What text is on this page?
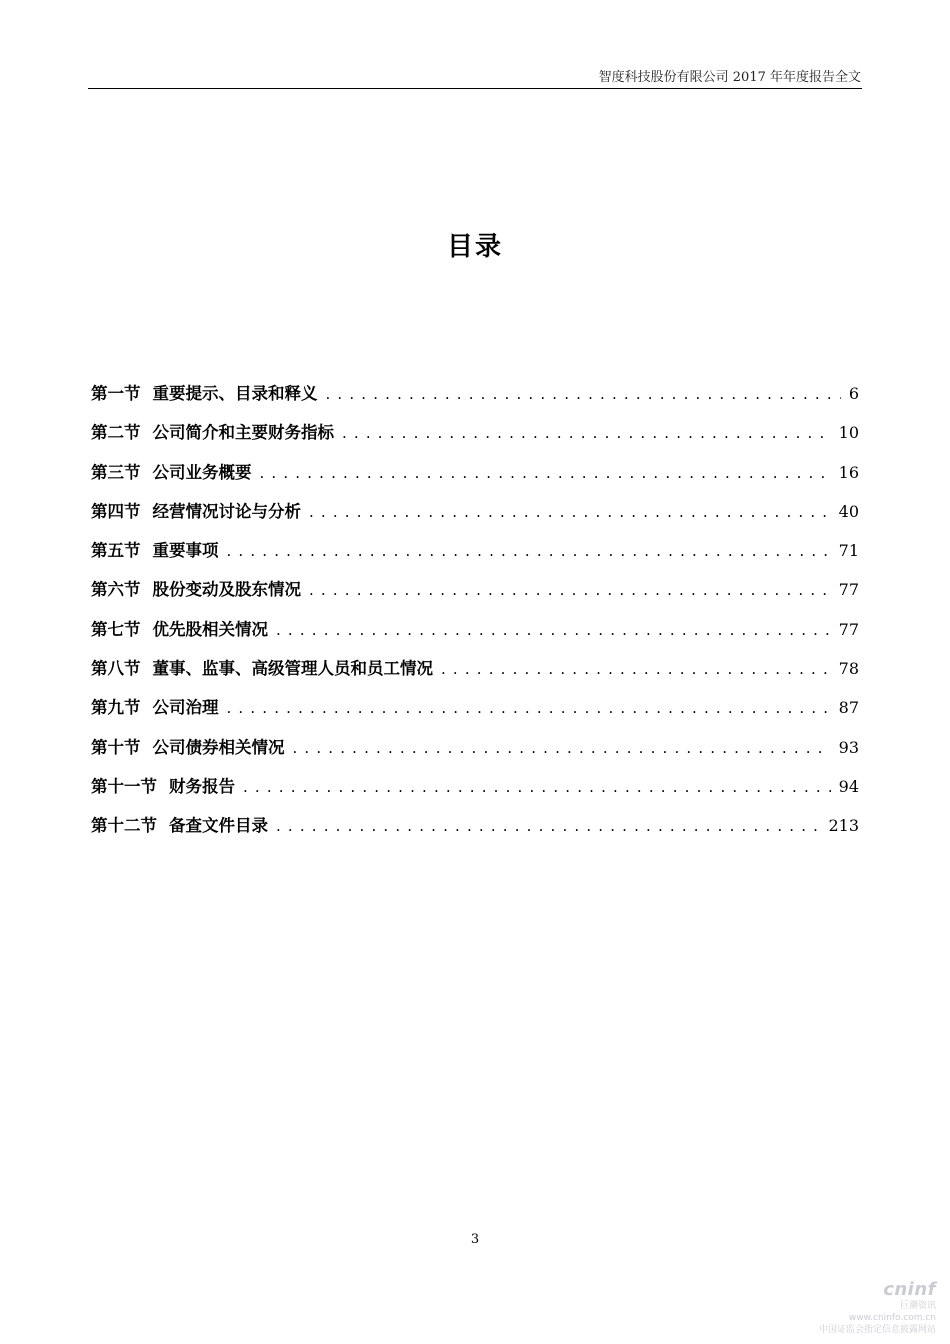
智度科技股份有限公司 2017 年年度报告全文
目录
第一节 重要提示、目录和释义 . . .	6
第二节 公司简介和主要财务指标 . . .	10
第三节 公司业务概要 . . .	16
第四节 经营情况讨论与分析 . . .	40
第五节 重要事项 . . .	71
第六节 股份变动及股东情况 . . .	77
第七节 优先股相关情况 . . .	77
第八节 董事、监事、高级管理人员和员工情况 . . .	78
第九节 公司治理 . . .	87
第十节 公司债券相关情况 . . .	93
第十一节 财务报告 . . .	94
第十二节 备查文件目录 . . .	213
3
cninf
巨潮资讯
www.cninfo.com.cn
中国证监会指定信息披露网站
